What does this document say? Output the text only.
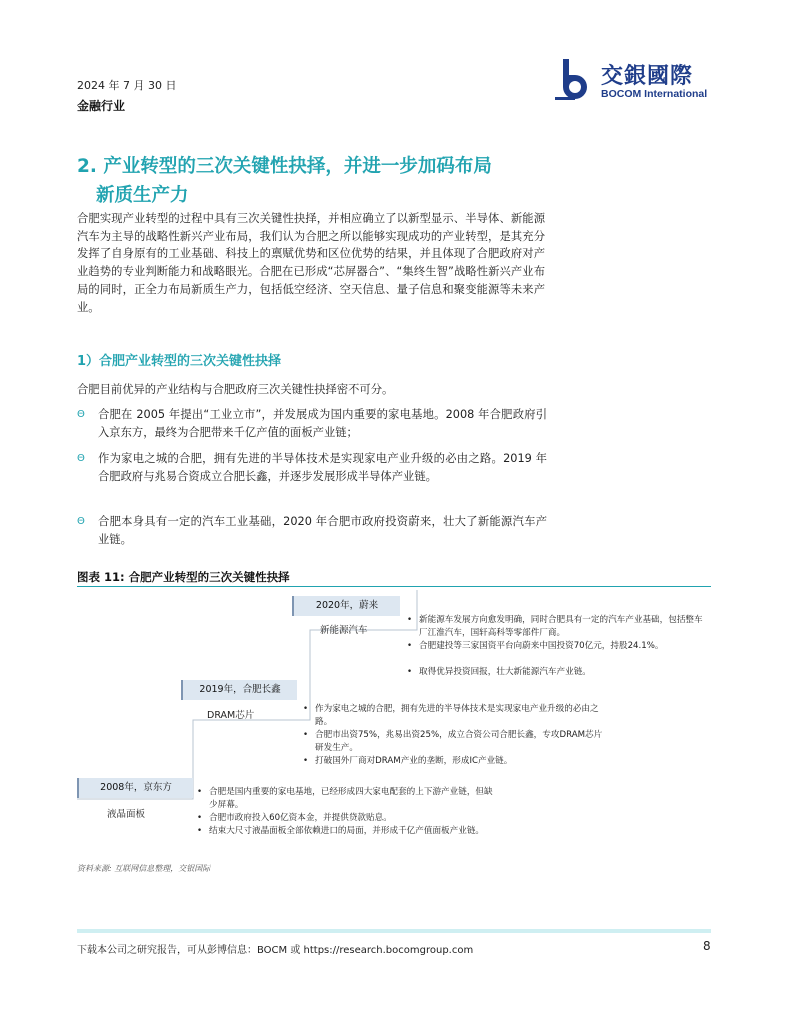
2024 年 7 月 30 日
金融行业
交銀國際
BOCOM International
2. 产业转型的三次关键性抉择，并进一步加码布局
新质生产力
合肥实现产业转型的过程中具有三次关键性抉择，并相应确立了以新型显示、半导体、新能源汽车为主导的战略性新兴产业布局，我们认为合肥之所以能够实现成功的产业转型，是其充分发挥了自身原有的工业基础、科技上的禀赋优势和区位优势的结果，并且体现了合肥政府对产业趋势的专业判断能力和战略眼光。合肥在已形成“芯屏器合”、“集终生智”战略性新兴产业布局的同时，正全力布局新质生产力，包括低空经济、空天信息、量子信息和聚变能源等未来产业。
1）合肥产业转型的三次关键性抉择
合肥目前优异的产业结构与合肥政府三次关键性抉择密不可分。
Θ	合肥在 2005 年提出“工业立市”，并发展成为国内重要的家电基地。2008 年合肥政府引入京东方，最终为合肥带来千亿产值的面板产业链；
Θ	作为家电之城的合肥，拥有先进的半导体技术是实现家电产业升级的必由之路。2019 年合肥政府与兆易合资成立合肥长鑫，并逐步发展形成半导体产业链。
Θ	合肥本身具有一定的汽车工业基础，2020 年合肥市政府投资蔚来，壮大了新能源汽车产业链。
图表 11: 合肥产业转型的三次关键性抉择
2008年，京东方
液晶面板
• 合肥是国内重要的家电基地，已经形成四大家电配套的上下游产业链，但缺少屏幕。
• 合肥市政府投入60亿资本金，并提供贷款贴息。
• 结束大尺寸液晶面板全部依赖进口的局面，并形成千亿产值面板产业链。
2019年，合肥长鑫
DRAM芯片
• 作为家电之城的合肥，拥有先进的半导体技术是实现家电产业升级的必由之路。
• 合肥市出资75%，兆易出资25%，成立合资公司合肥长鑫，专攻DRAM芯片研发生产。
• 打破国外厂商对DRAM产业的垄断，形成IC产业链。
2020年，蔚来
新能源汽车
• 新能源车发展方向愈发明确，同时合肥具有一定的汽车产业基础，包括整车厂江淮汽车，国轩高科等零部件厂商。
• 合肥建投等三家国资平台向蔚来中国投资70亿元，持股24.1%。
• 取得优异投资回报，壮大新能源汽车产业链。
资料来源: 互联网信息整理，交银国际
下载本公司之研究报告，可从彭博信息：BOCM 或 https://research.bocomgroup.com	8
